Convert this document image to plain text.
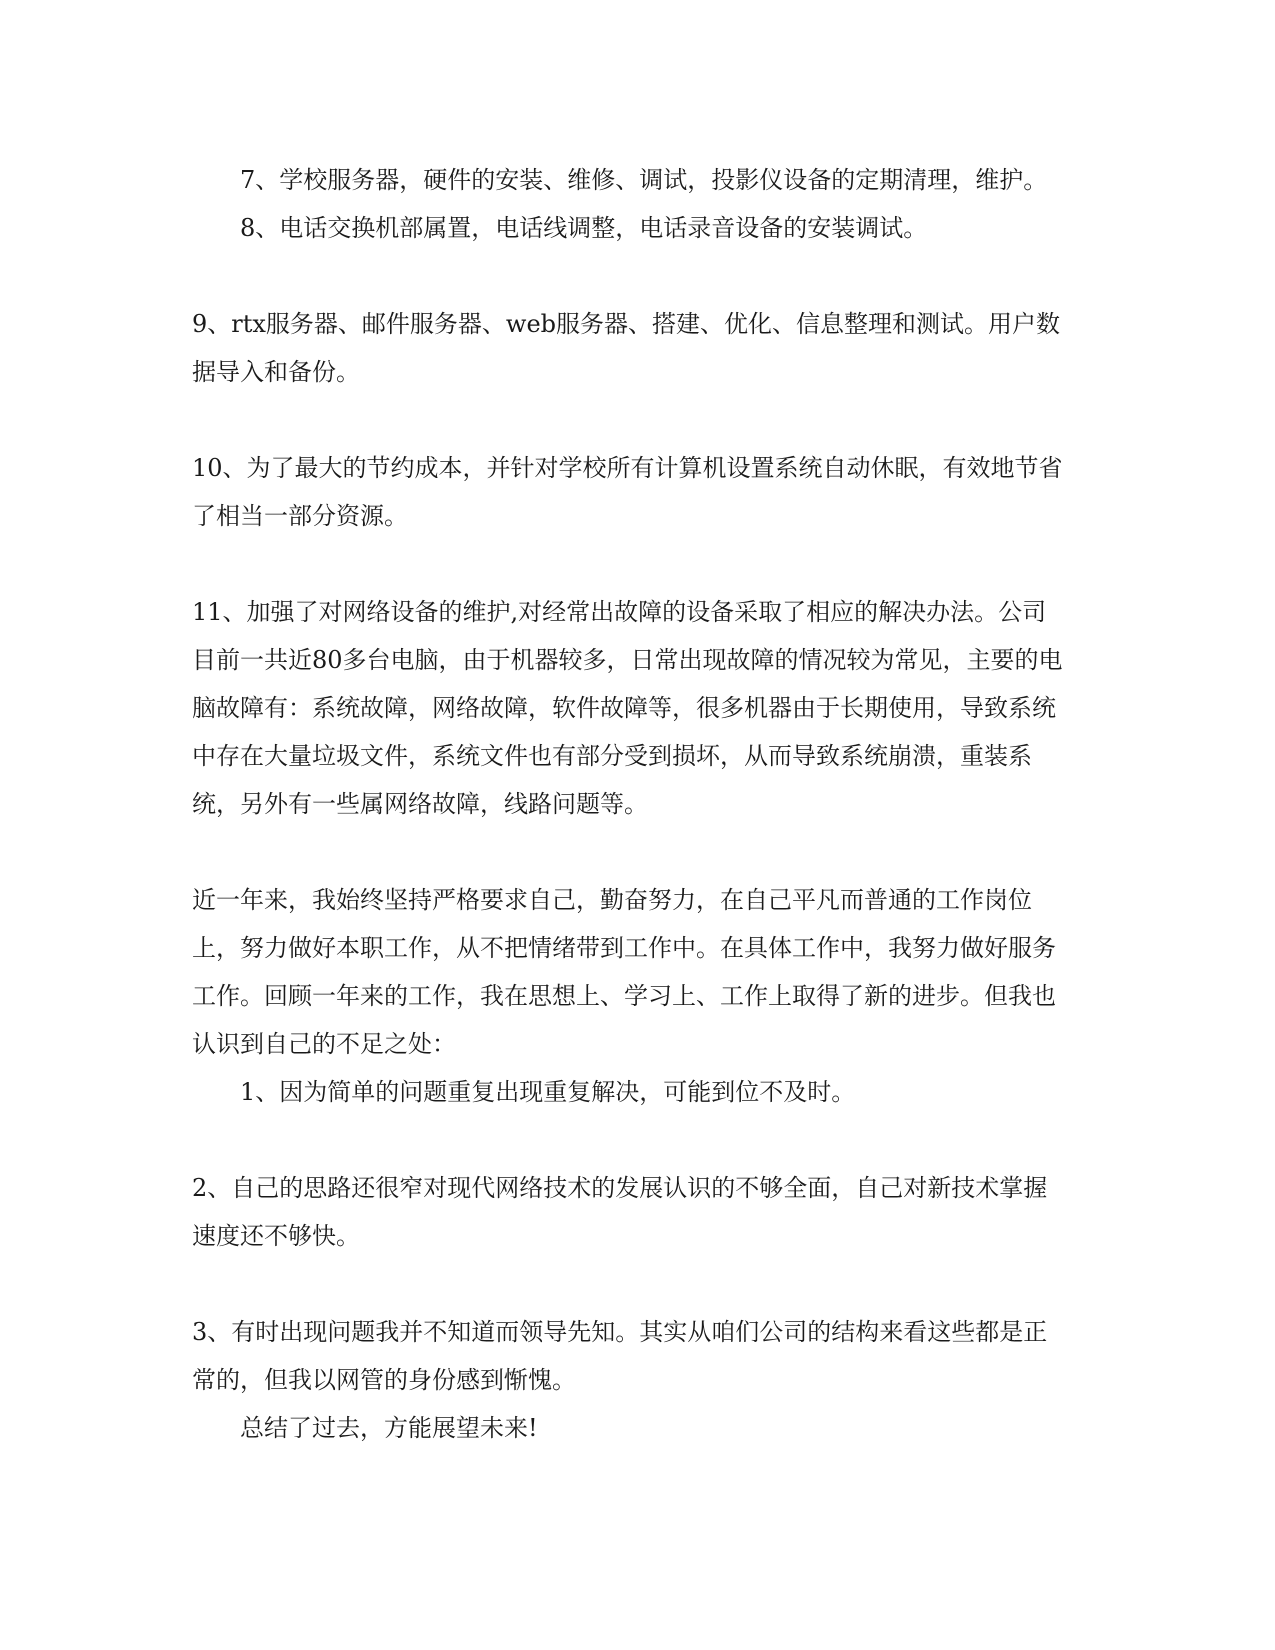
7、学校服务器，硬件的安装、维修、调试，投影仪设备的定期清理，维护。

8、电话交换机部属置，电话线调整，电话录音设备的安装调试。

9、rtx服务器、邮件服务器、web服务器、搭建、优化、信息整理和测试。用户数据导入和备份。

10、为了最大的节约成本，并针对学校所有计算机设置系统自动休眠，有效地节省了相当一部分资源。

11、加强了对网络设备的维护,对经常出故障的设备采取了相应的解决办法。公司目前一共近80多台电脑，由于机器较多，日常出现故障的情况较为常见，主要的电脑故障有：系统故障，网络故障，软件故障等，很多机器由于长期使用，导致系统中存在大量垃圾文件，系统文件也有部分受到损坏，从而导致系统崩溃，重装系统，另外有一些属网络故障，线路问题等。

近一年来，我始终坚持严格要求自己，勤奋努力，在自己平凡而普通的工作岗位上，努力做好本职工作，从不把情绪带到工作中。在具体工作中，我努力做好服务工作。回顾一年来的工作，我在思想上、学习上、工作上取得了新的进步。但我也认识到自己的不足之处：

1、因为简单的问题重复出现重复解决，可能到位不及时。

2、自己的思路还很窄对现代网络技术的发展认识的不够全面，自己对新技术掌握速度还不够快。

3、有时出现问题我并不知道而领导先知。其实从咱们公司的结构来看这些都是正常的，但我以网管的身份感到惭愧。

总结了过去，方能展望未来!
